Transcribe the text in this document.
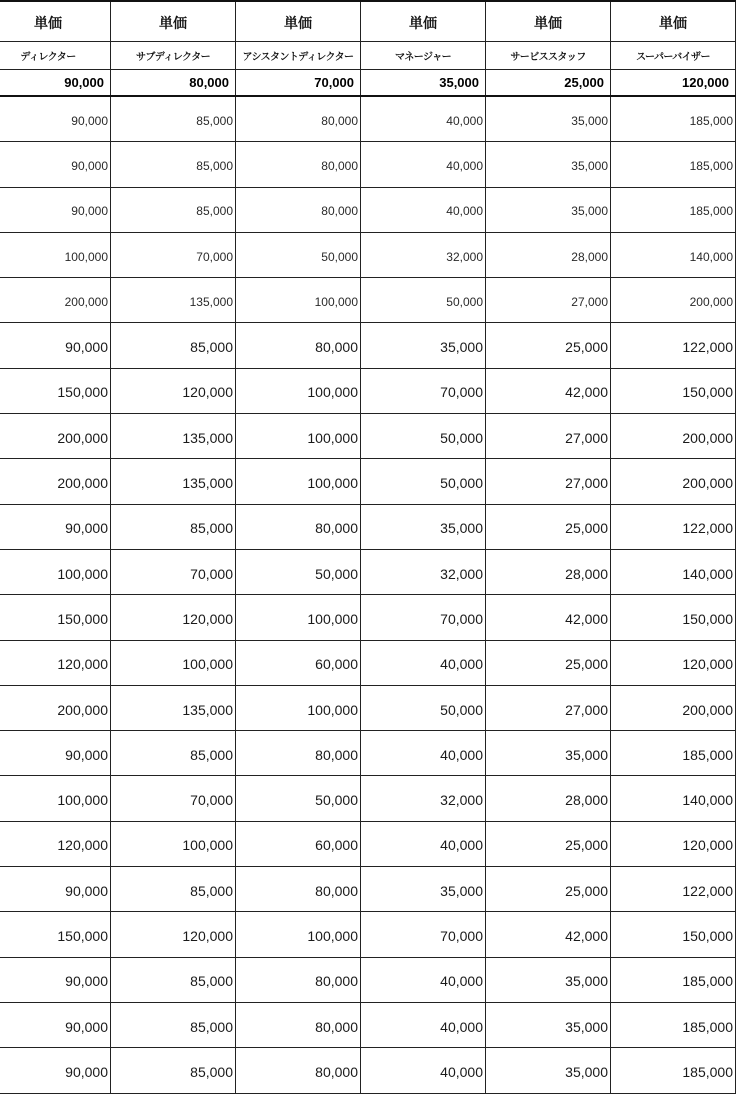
単価	単価	単価	単価	単価	単価
ディレクター	サブディレクター	アシスタントディレクター	マネージャー	サービススタッフ	スーパーバイザー
90,000	80,000	70,000	35,000	25,000	120,000
90,000	85,000	80,000	40,000	35,000	185,000
90,000	85,000	80,000	40,000	35,000	185,000
90,000	85,000	80,000	40,000	35,000	185,000
100,000	70,000	50,000	32,000	28,000	140,000
200,000	135,000	100,000	50,000	27,000	200,000
90,000	85,000	80,000	35,000	25,000	122,000
150,000	120,000	100,000	70,000	42,000	150,000
200,000	135,000	100,000	50,000	27,000	200,000
200,000	135,000	100,000	50,000	27,000	200,000
90,000	85,000	80,000	35,000	25,000	122,000
100,000	70,000	50,000	32,000	28,000	140,000
150,000	120,000	100,000	70,000	42,000	150,000
120,000	100,000	60,000	40,000	25,000	120,000
200,000	135,000	100,000	50,000	27,000	200,000
90,000	85,000	80,000	40,000	35,000	185,000
100,000	70,000	50,000	32,000	28,000	140,000
120,000	100,000	60,000	40,000	25,000	120,000
90,000	85,000	80,000	35,000	25,000	122,000
150,000	120,000	100,000	70,000	42,000	150,000
90,000	85,000	80,000	40,000	35,000	185,000
90,000	85,000	80,000	40,000	35,000	185,000
90,000	85,000	80,000	40,000	35,000	185,000
